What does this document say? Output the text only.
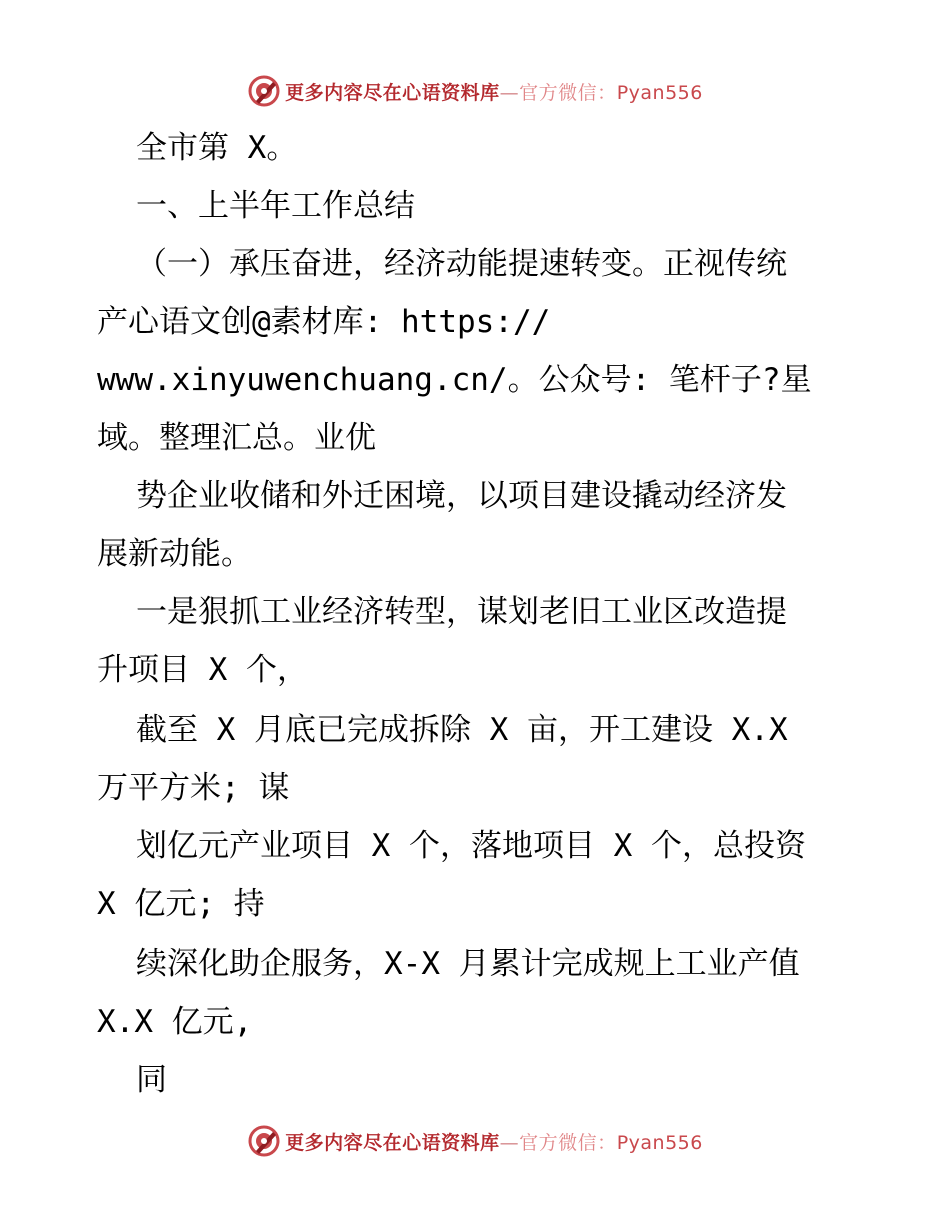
更多内容尽在心语资料库—官方微信：Pyan556
全市第 X。
一、上半年工作总结
（一）承压奋进，经济动能提速转变。正视传统
产心语文创@素材库: https://
www.xinyuwenchuang.cn/。公众号: 笔杆子?星
域。整理汇总。业优
势企业收储和外迁困境，以项目建设撬动经济发
展新动能。
一是狠抓工业经济转型，谋划老旧工业区改造提
升项目 X 个，
截至 X 月底已完成拆除 X 亩，开工建设 X.X
万平方米; 谋
划亿元产业项目 X 个，落地项目 X 个，总投资
X 亿元; 持
续深化助企服务，X-X 月累计完成规上工业产值
X.X 亿元,
同
更多内容尽在心语资料库—官方微信：Pyan556
